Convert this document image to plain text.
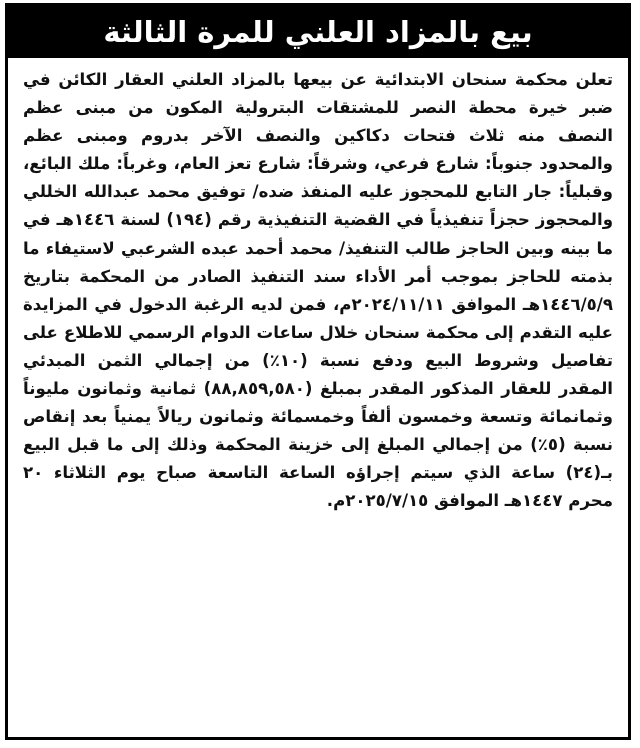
بيع بالمزاد العلني للمرة الثالثة

تعلن محكمة سنحان الابتدائية عن بيعها بالمزاد العلني العقار الكائن في ضبر خيرة محطة النصر للمشتقات البترولية المكون من مبنى عظم النصف منه ثلاث فتحات دكاكين والنصف الآخر بدروم ومبنى عظم والمحدود جنوباً: شارع فرعي، وشرقاً: شارع تعز العام، وغرباً: ملك البائع، وقبلياً: جار التابع للمحجوز عليه المنفذ ضده/ توفيق محمد عبدالله الخللي والمحجوز حجزاً تنفيذياً في القضية التنفيذية رقم (١٩٤) لسنة ١٤٤٦هـ في ما بينه وبين الحاجز طالب التنفيذ/ محمد أحمد عبده الشرعبي لاستيفاء ما بذمته للحاجز بموجب أمر الأداء سند التنفيذ الصادر من المحكمة بتاريخ ١٤٤٦/٥/٩هـ الموافق ٢٠٢٤/١١/١١م، فمن لديه الرغبة الدخول في المزايدة عليه التقدم إلى محكمة سنحان خلال ساعات الدوام الرسمي للاطلاع على تفاصيل وشروط البيع ودفع نسبة (١٠٪) من إجمالي الثمن المبدئي المقدر للعقار المذكور المقدر بمبلغ (٨٨,٨٥٩,٥٨٠) ثمانية وثمانون مليوناً وثمانمائة وتسعة وخمسون ألفاً وخمسمائة وثمانون ريالاً يمنياً بعد إنقاص نسبة (٥٪) من إجمالي المبلغ إلى خزينة المحكمة وذلك إلى ما قبل البيع بـ(٢٤) ساعة الذي سيتم إجراؤه الساعة التاسعة صباح يوم الثلاثاء ٢٠ محرم ١٤٤٧هـ الموافق ٢٠٢٥/٧/١٥م.
